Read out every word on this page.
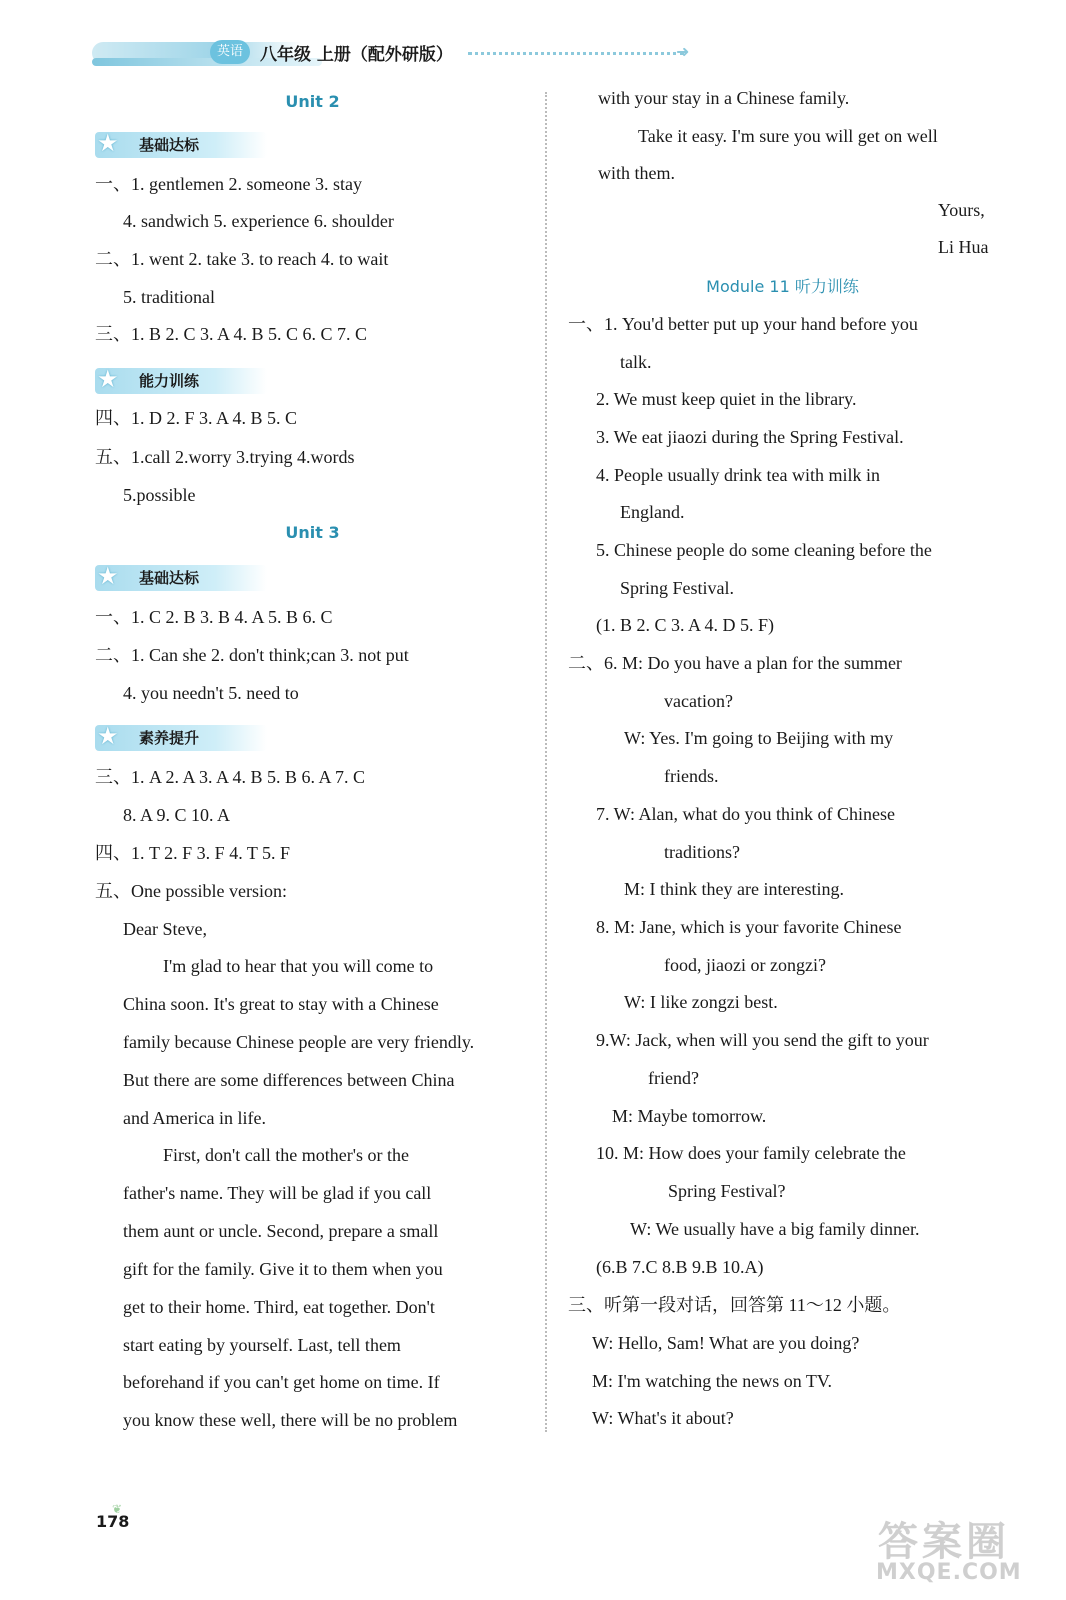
英语	八年级 上册（配外研版）	➜
Unit 2
★ 基础达标
一、1. gentlemen 2. someone 3. stay
4. sandwich 5. experience 6. shoulder
二、1. went 2. take 3. to reach 4. to wait
5. traditional
三、1. B 2. C 3. A 4. B 5. C 6. C 7. C
★ 能力训练
四、1. D 2. F 3. A 4. B 5. C
五、1.call 2.worry 3.trying 4.words
5.possible
Unit 3
★ 基础达标
一、1. C 2. B 3. B 4. A 5. B 6. C
二、1. Can she 2. don't think;can 3. not put
4. you needn't 5. need to
★ 素养提升
三、1. A 2. A 3. A 4. B 5. B 6. A 7. C
8. A 9. C 10. A
四、1. T 2. F 3. F 4. T 5. F
五、One possible version:
Dear Steve,
I'm glad to hear that you will come to
China soon. It's great to stay with a Chinese
family because Chinese people are very friendly.
But there are some differences between China
and America in life.
First, don't call the mother's or the
father's name. They will be glad if you call
them aunt or uncle. Second, prepare a small
gift for the family. Give it to them when you
get to their home. Third, eat together. Don't
start eating by yourself. Last, tell them
beforehand if you can't get home on time. If
you know these well, there will be no problem
with your stay in a Chinese family.
Take it easy. I'm sure you will get on well
with them.
Yours,
Li Hua
Module 11 听力训练
一、1. You'd better put up your hand before you
talk.
2. We must keep quiet in the library.
3. We eat jiaozi during the Spring Festival.
4. People usually drink tea with milk in
England.
5. Chinese people do some cleaning before the
Spring Festival.
(1. B 2. C 3. A 4. D 5. F)
二、6. M: Do you have a plan for the summer
vacation?
W: Yes. I'm going to Beijing with my
friends.
7. W: Alan, what do you think of Chinese
traditions?
M: I think they are interesting.
8. M: Jane, which is your favorite Chinese
food, jiaozi or zongzi?
W: I like zongzi best.
9.W: Jack, when will you send the gift to your
friend?
M: Maybe tomorrow.
10. M: How does your family celebrate the
Spring Festival?
W: We usually have a big family dinner.
(6.B 7.C 8.B 9.B 10.A)
三、听第一段对话，回答第 11～12 小题。
W: Hello, Sam! What are you doing?
M: I'm watching the news on TV.
W: What's it about?
❦
178	答案圈
MXQE.COM
